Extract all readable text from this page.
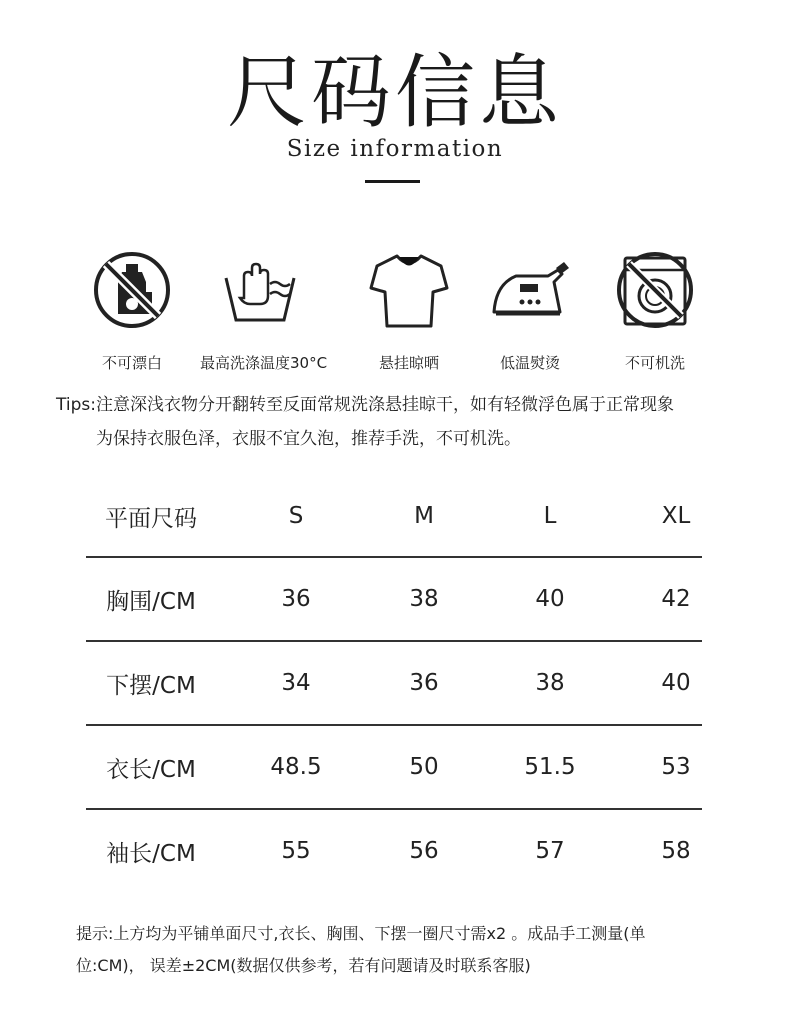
尺码信息
Size information
不可漂白	最高洗涤温度30°C	悬挂晾晒	低温熨烫	不可机洗
Tips:注意深浅衣物分开翻转至反面常规洗涤悬挂晾干，如有轻微浮色属于正常现象
为保持衣服色泽，衣服不宜久泡，推荐手洗，不可机洗。
平面尺码	S	M	L	XL
胸围/CM	36	38	40	42
下摆/CM	34	36	38	40
衣长/CM	48.5	50	51.5	53
袖长/CM	55	56	57	58
提示:上方均为平铺单面尺寸,衣长、胸围、下摆一圈尺寸需x2 。成品手工测量(单
位:CM)， 误差±2CM(数据仅供参考，若有问题请及时联系客服)
